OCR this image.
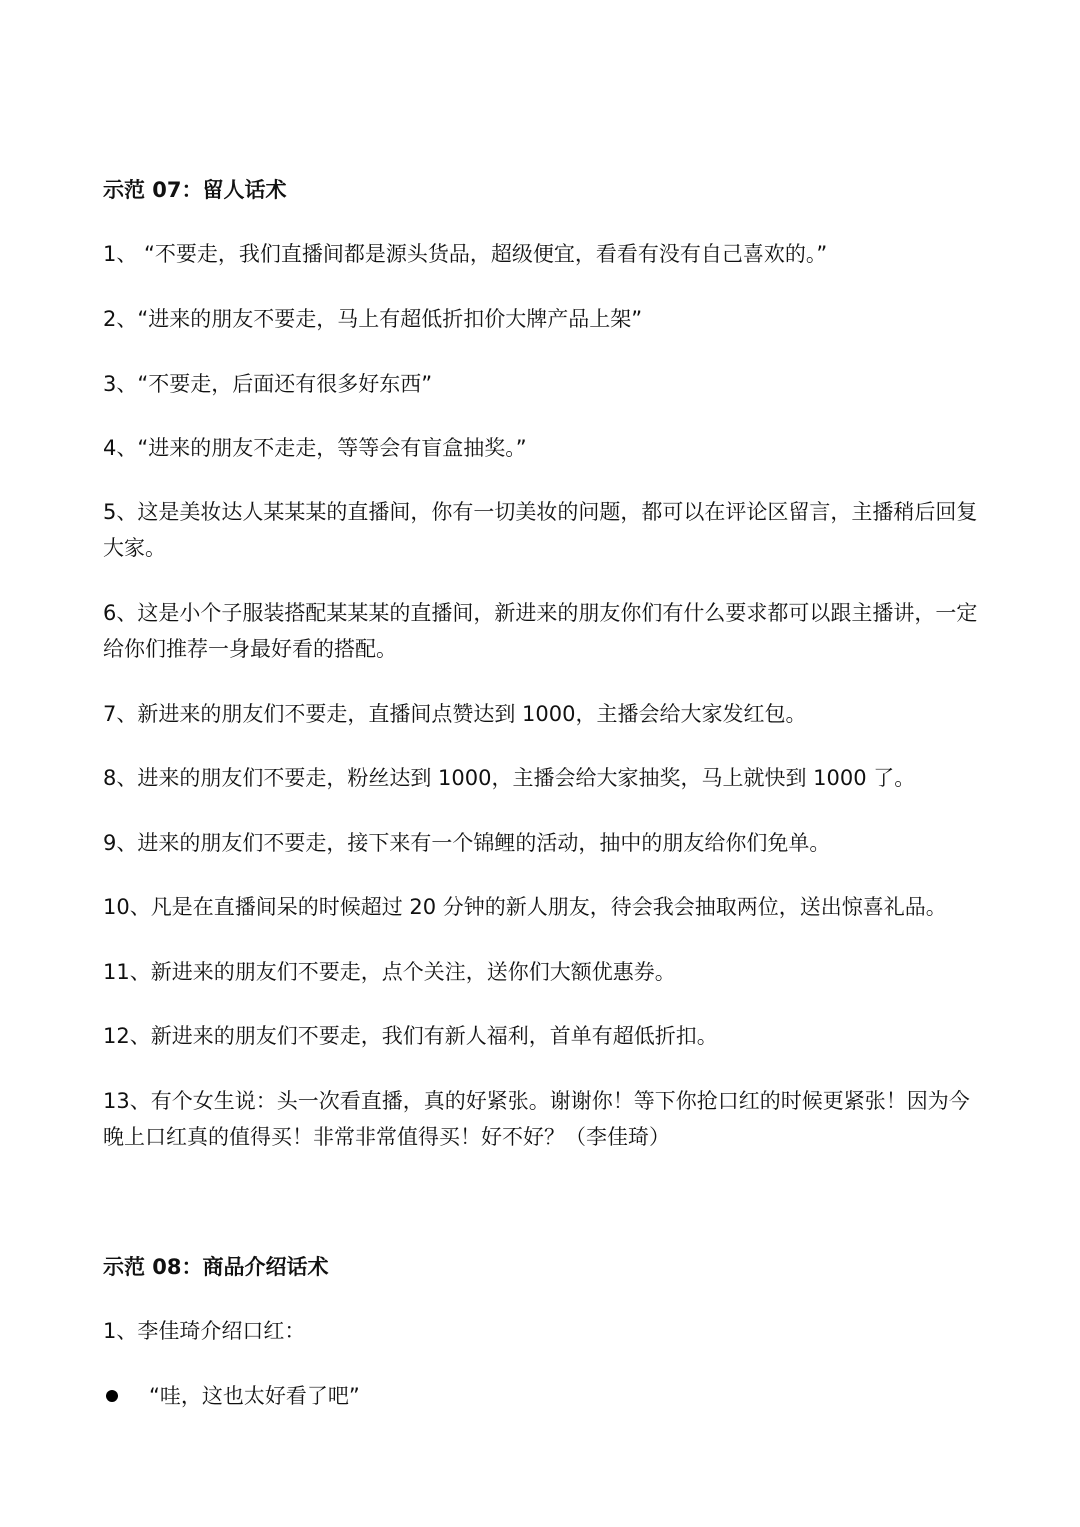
示范 07：留人话术
1、 “不要走，我们直播间都是源头货品，超级便宜，看看有没有自己喜欢的。”
2、“进来的朋友不要走，马上有超低折扣价大牌产品上架”
3、“不要走，后面还有很多好东西”
4、“进来的朋友不走走，等等会有盲盒抽奖。”
5、这是美妆达人某某某的直播间，你有一切美妆的问题，都可以在评论区留言，主播稍后回复大家。
6、这是小个子服装搭配某某某的直播间，新进来的朋友你们有什么要求都可以跟主播讲，一定给你们推荐一身最好看的搭配。
7、新进来的朋友们不要走，直播间点赞达到 1000，主播会给大家发红包。
8、进来的朋友们不要走，粉丝达到 1000，主播会给大家抽奖，马上就快到 1000 了。
9、进来的朋友们不要走，接下来有一个锦鲤的活动，抽中的朋友给你们免单。
10、凡是在直播间呆的时候超过 20 分钟的新人朋友，待会我会抽取两位，送出惊喜礼品。
11、新进来的朋友们不要走，点个关注，送你们大额优惠券。
12、新进来的朋友们不要走，我们有新人福利，首单有超低折扣。
13、有个女生说：头一次看直播，真的好紧张。谢谢你！等下你抢口红的时候更紧张！因为今晚上口红真的值得买！非常非常值得买！好不好？（李佳琦）
示范 08：商品介绍话术
1、李佳琦介绍口红：
“哇，这也太好看了吧”
